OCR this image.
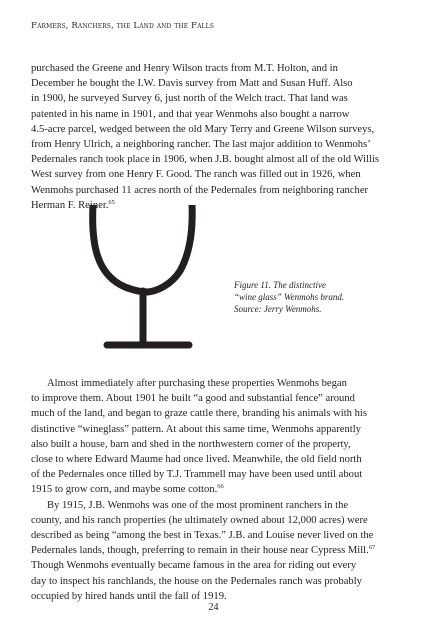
Farmers, Ranchers, the Land and the Falls

purchased the Greene and Henry Wilson tracts from M.T. Holton, and in
December he bought the I.W. Davis survey from Matt and Susan Huff. Also
in 1900, he surveyed Survey 6, just north of the Welch tract. That land was
patented in his name in 1901, and that year Wenmohs also bought a narrow
4.5-acre parcel, wedged between the old Mary Terry and Greene Wilson surveys,
from Henry Ulrich, a neighboring rancher. The last major addition to Wenmohs’
Pedernales ranch took place in 1906, when J.B. bought almost all of the old Willis
West survey from one Henry F. Good. The ranch was filled out in 1926, when
Wenmohs purchased 11 acres north of the Pedernales from neighboring rancher
Herman F. Reiner.$^{65}$

Figure 11. The distinctive
“wine glass” Wenmohs brand.
Source: Jerry Wenmohs.

Almost immediately after purchasing these properties Wenmohs began
to improve them. About 1901 he built “a good and substantial fence” around
much of the land, and began to graze cattle there, branding his animals with his
distinctive “wineglass” pattern. At about this same time, Wenmohs apparently
also built a house, barn and shed in the northwestern corner of the property,
close to where Edward Maume had once lived. Meanwhile, the old field north
of the Pedernales once tilled by T.J. Trammell may have been used until about
1915 to grow corn, and maybe some cotton.$^{66}$
By 1915, J.B. Wenmohs was one of the most prominent ranchers in the
county, and his ranch properties (he ultimately owned about 12,000 acres) were
described as being “among the best in Texas.” J.B. and Louise never lived on the
Pedernales lands, though, preferring to remain in their house near Cypress Mill.$^{67}$
Though Wenmohs eventually became famous in the area for riding out every
day to inspect his ranchlands, the house on the Pedernales ranch was probably
occupied by hired hands until the fall of 1919.

24
